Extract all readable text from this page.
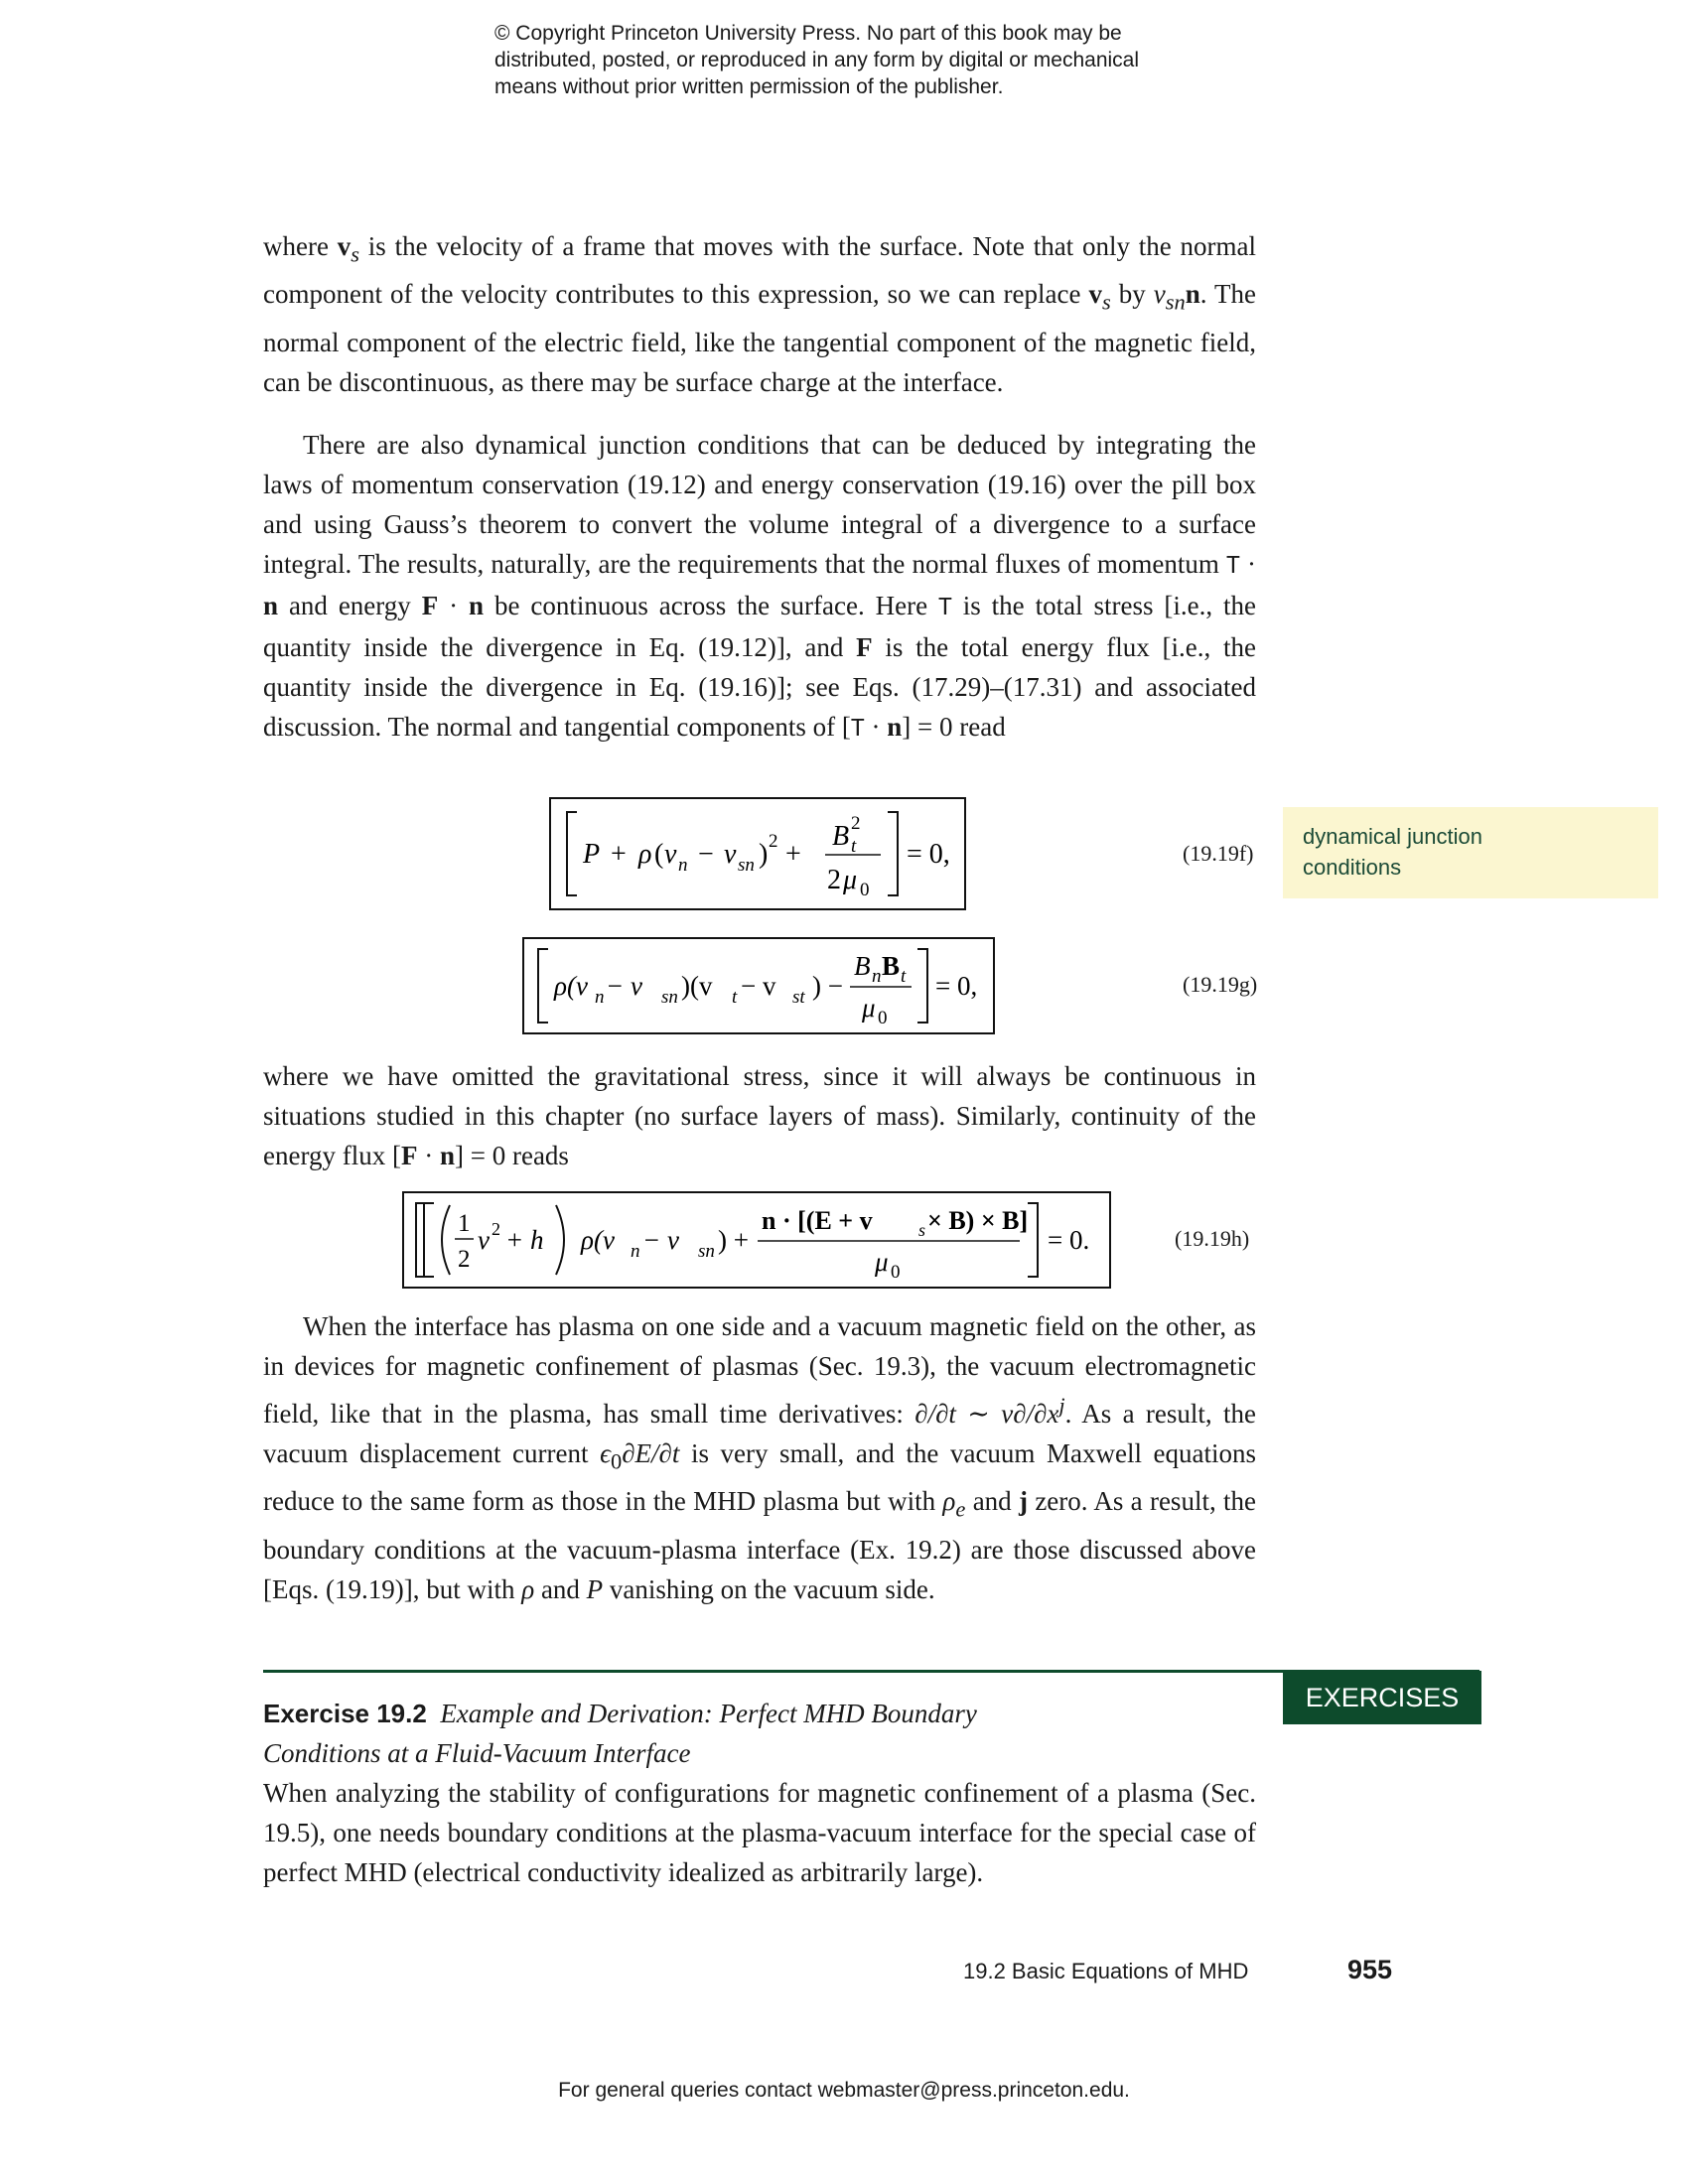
© Copyright Princeton University Press. No part of this book may be
distributed, posted, or reproduced in any form by digital or mechanical
means without prior written permission of the publisher.

where $v_s$ is the velocity of a frame that moves with the surface. Note that only the normal component of the velocity contributes to this expression, so we can replace $v_s$ by $v_{sn}n$. The normal component of the electric field, like the tangential component of the magnetic field, can be discontinuous, as there may be surface charge at the interface.

There are also dynamical junction conditions that can be deduced by integrating the laws of momentum conservation (19.12) and energy conservation (19.16) over the pill box and using Gauss’s theorem to convert the volume integral of a divergence to a surface integral. The results, naturally, are the requirements that the normal fluxes of momentum T · n and energy F · n be continuous across the surface. Here T is the total stress [i.e., the quantity inside the divergence in Eq. (19.12)], and F is the total energy flux [i.e., the quantity inside the divergence in Eq. (19.16)]; see Eqs. (17.29)–(17.31) and associated discussion. The normal and tangential components of [T · n] = 0 read

P + ρ ( v n − v sn ) 2 +
B 2
t
2 μ 0
= 0,	(19.19f)
ρ(v n − v sn )(v t − v st ) −
B n B t
μ 0
= 0,	(19.19g)

where we have omitted the gravitational stress, since it will always be continuous in situations studied in this chapter (no surface layers of mass). Similarly, continuity of the energy flux [F · n] = 0 reads

1
2
v 2 + h ρ(v n − v sn ) +
n · [(E + v	s × B) × B]
μ 0
= 0.	(19.19h)

When the interface has plasma on one side and a vacuum magnetic field on the other, as in devices for magnetic confinement of plasmas (Sec. 19.3), the vacuum electromagnetic field, like that in the plasma, has small time derivatives: ∂/∂t ∼ $v\partial/\partial x^j$. As a result, the vacuum displacement current $\epsilon_0\partial E/\partial t$ is very small, and the vacuum Maxwell equations reduce to the same form as those in the MHD plasma but with $\rho_e$ and j zero. As a result, the boundary conditions at the vacuum-plasma interface (Ex. 19.2) are those discussed above [Eqs. (19.19)], but with ρ and P vanishing on the vacuum side.

dynamical junction
conditions
EXERCISES
Exercise 19.2 Example and Derivation: Perfect MHD Boundary
Conditions at a Fluid-Vacuum Interface

When analyzing the stability of configurations for magnetic confinement of a plasma (Sec. 19.5), one needs boundary conditions at the plasma-vacuum interface for the special case of perfect MHD (electrical conductivity idealized as arbitrarily large).

19.2 Basic Equations of MHD	955
For general queries contact webmaster@press.princeton.edu.
